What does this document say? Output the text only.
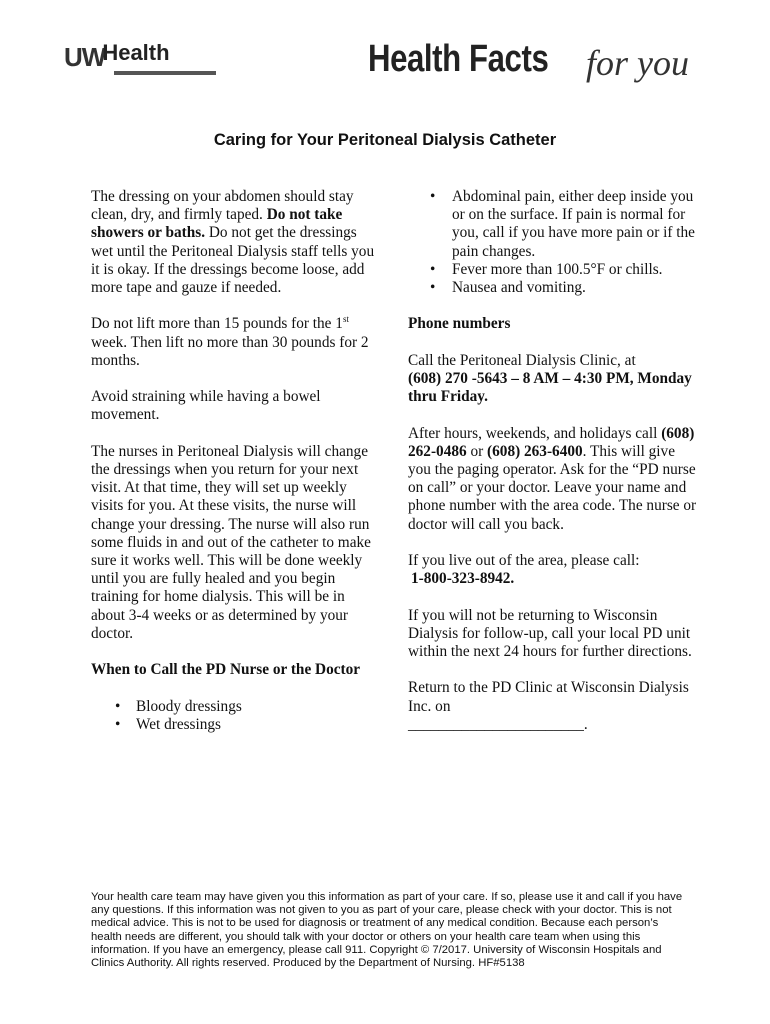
UWHealth	Health Facts for you
Caring for Your Peritoneal Dialysis Catheter

The dressing on your abdomen should stay clean, dry, and firmly taped. Do not take showers or baths. Do not get the dressings wet until the Peritoneal Dialysis staff tells you it is okay. If the dressings become loose, add more tape and gauze if needed.

Do not lift more than 15 pounds for the 1st week. Then lift no more than 30 pounds for 2 months.

Avoid straining while having a bowel movement.

The nurses in Peritoneal Dialysis will change the dressings when you return for your next visit. At that time, they will set up weekly visits for you. At these visits, the nurse will change your dressing. The nurse will also run some fluids in and out of the catheter to make sure it works well. This will be done weekly until you are fully healed and you begin training for home dialysis. This will be in about 3-4 weeks or as determined by your doctor.

When to Call the PD Nurse or the Doctor

• Bloody dressings
• Wet dressings
• Abdominal pain, either deep inside you or on the surface. If pain is normal for you, call if you have more pain or if the pain changes.
• Fever more than 100.5°F or chills.
• Nausea and vomiting.

Phone numbers

Call the Peritoneal Dialysis Clinic, at
(608) 270 -5643 – 8 AM – 4:30 PM, Monday thru Friday.

After hours, weekends, and holidays call (608) 262-0486 or (608) 263-6400. This will give you the paging operator. Ask for the “PD nurse on call” or your doctor. Leave your name and phone number with the area code. The nurse or doctor will call you back.

If you live out of the area, please call:
1-800-323-8942.

If you will not be returning to Wisconsin Dialysis for follow-up, call your local PD unit within the next 24 hours for further directions.

Return to the PD Clinic at Wisconsin Dialysis Inc. on
_______________________.

Your health care team may have given you this information as part of your care. If so, please use it and call if you have any questions. If this information was not given to you as part of your care, please check with your doctor. This is not medical advice. This is not to be used for diagnosis or treatment of any medical condition. Because each person’s health needs are different, you should talk with your doctor or others on your health care team when using this information. If you have an emergency, please call 911. Copyright © 7/2017. University of Wisconsin Hospitals and Clinics Authority. All rights reserved. Produced by the Department of Nursing. HF#5138
